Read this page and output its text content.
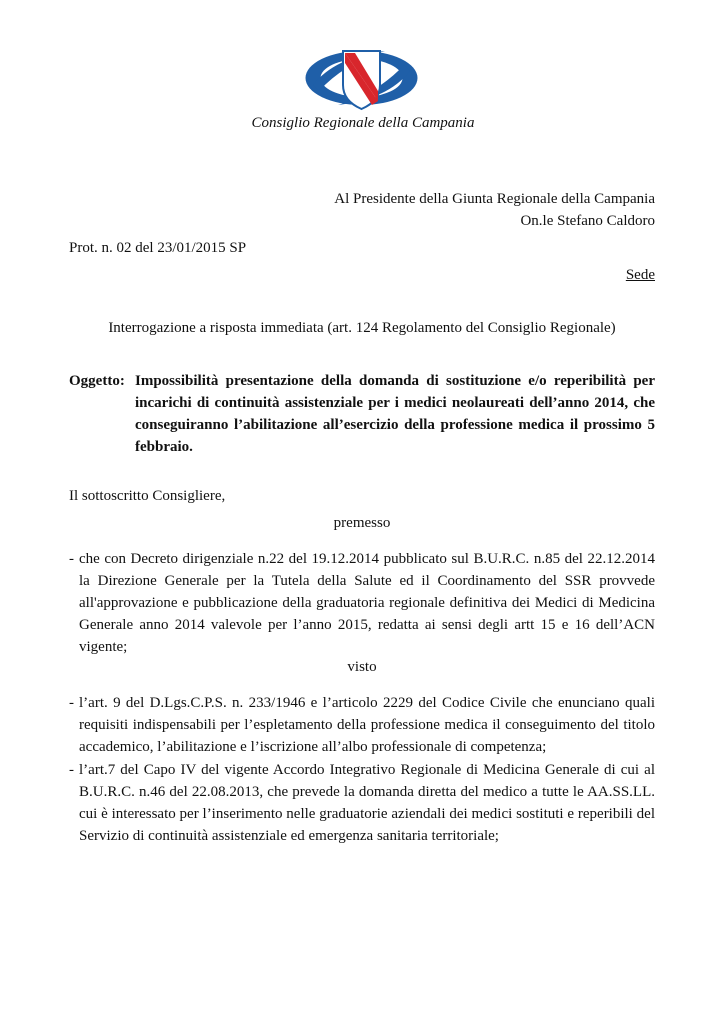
Consiglio Regionale della Campania
Al Presidente della Giunta Regionale della Campania
On.le Stefano Caldoro
Prot. n. 02 del 23/01/2015 SP
Sede
Interrogazione a risposta immediata (art. 124 Regolamento del Consiglio Regionale)
Oggetto: Impossibilità presentazione della domanda di sostituzione e/o reperibilità per incarichi di continuità assistenziale per i medici neolaureati dell’anno 2014, che conseguiranno l’abilitazione all’esercizio della professione medica il prossimo 5 febbraio.
Il sottoscritto Consigliere,
premesso
- che con Decreto dirigenziale n.22 del 19.12.2014 pubblicato sul B.U.R.C. n.85 del 22.12.2014 la Direzione Generale per la Tutela della Salute ed il Coordinamento del SSR provvede all'approvazione e pubblicazione della graduatoria regionale definitiva dei Medici di Medicina Generale anno 2014 valevole per l’anno 2015, redatta ai sensi degli artt 15 e 16 dell’ACN vigente;
visto
- l’art. 9 del D.Lgs.C.P.S. n. 233/1946 e l’articolo 2229 del Codice Civile che enunciano quali requisiti indispensabili per l’espletamento della professione medica il conseguimento del titolo accademico, l’abilitazione e l’iscrizione all’albo professionale di competenza;
- l’art.7 del Capo IV del vigente Accordo Integrativo Regionale di Medicina Generale di cui al B.U.R.C. n.46 del 22.08.2013, che prevede la domanda diretta del medico a tutte le AA.SS.LL. cui è interessato per l’inserimento nelle graduatorie aziendali dei medici sostituti e reperibili del Servizio di continuità assistenziale ed emergenza sanitaria territoriale;
